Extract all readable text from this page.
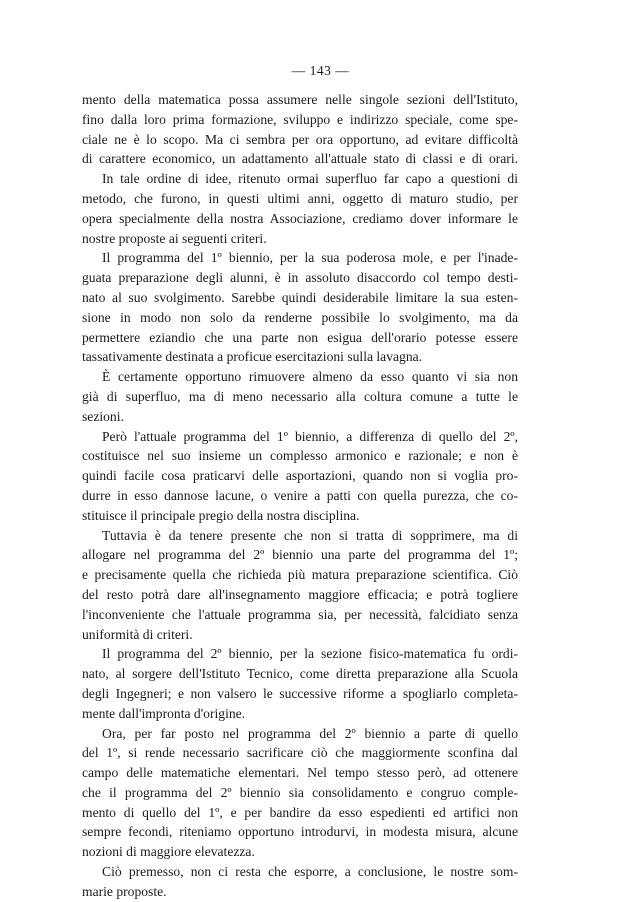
— 143 —
mento della matematica possa assumere nelle singole sezioni dell'Istituto,
fino dalla loro prima formazione, sviluppo e indirizzo speciale, come spe-
ciale ne è lo scopo. Ma ci sembra per ora opportuno, ad evitare difficoltà
di carattere economico, un adattamento all'attuale stato di classi e di orari.
In tale ordine di idee, ritenuto ormai superfluo far capo a questioni di
metodo, che furono, in questi ultimi anni, oggetto di maturo studio, per
opera specialmente della nostra Associazione, crediamo dover informare le
nostre proposte ai seguenti criteri.
Il programma del 1º biennio, per la sua poderosa mole, e per l'inade-
guata preparazione degli alunni, è in assoluto disaccordo col tempo desti-
nato al suo svolgimento. Sarebbe quindi desiderabile limitare la sua esten-
sione in modo non solo da renderne possibile lo svolgimento, ma da
permettere eziandio che una parte non esigua dell'orario potesse essere
tassativamente destinata a proficue esercitazioni sulla lavagna.
È certamente opportuno rimuovere almeno da esso quanto vi sia non
già di superfluo, ma di meno necessario alla coltura comune a tutte le
sezioni.
Però l'attuale programma del 1º biennio, a differenza di quello del 2º,
costituisce nel suo insieme un complesso armonico e razionale; e non è
quindi facile cosa praticarvi delle asportazioni, quando non si voglia pro-
durre in esso dannose lacune, o venire a patti con quella purezza, che co-
stituisce il principale pregio della nostra disciplina.
Tuttavia è da tenere presente che non si tratta di sopprimere, ma di
allogare nel programma del 2º biennio una parte del programma del 1º;
e precisamente quella che richieda più matura preparazione scientifica. Ciò
del resto potrà dare all'insegnamento maggiore efficacia; e potrà togliere
l'inconveniente che l'attuale programma sia, per necessità, falcidiato senza
uniformità di criteri.
Il programma del 2º biennio, per la sezione fisico-matematica fu ordi-
nato, al sorgere dell'Istituto Tecnico, come diretta preparazione alla Scuola
degli Ingegneri; e non valsero le successive riforme a spogliarlo completa-
mente dall'impronta d'origine.
Ora, per far posto nel programma del 2º biennio a parte di quello
del 1º, si rende necessario sacrificare ciò che maggiormente sconfina dal
campo delle matematiche elementari. Nel tempo stesso però, ad ottenere
che il programma del 2º biennio sia consolidamento e congruo comple-
mento di quello del 1º, e per bandire da esso espedienti ed artifici non
sempre fecondi, riteniamo opportuno introdurvi, in modesta misura, alcune
nozioni di maggiore elevatezza.
Ciò premesso, non ci resta che esporre, a conclusione, le nostre som-
marie proposte.
